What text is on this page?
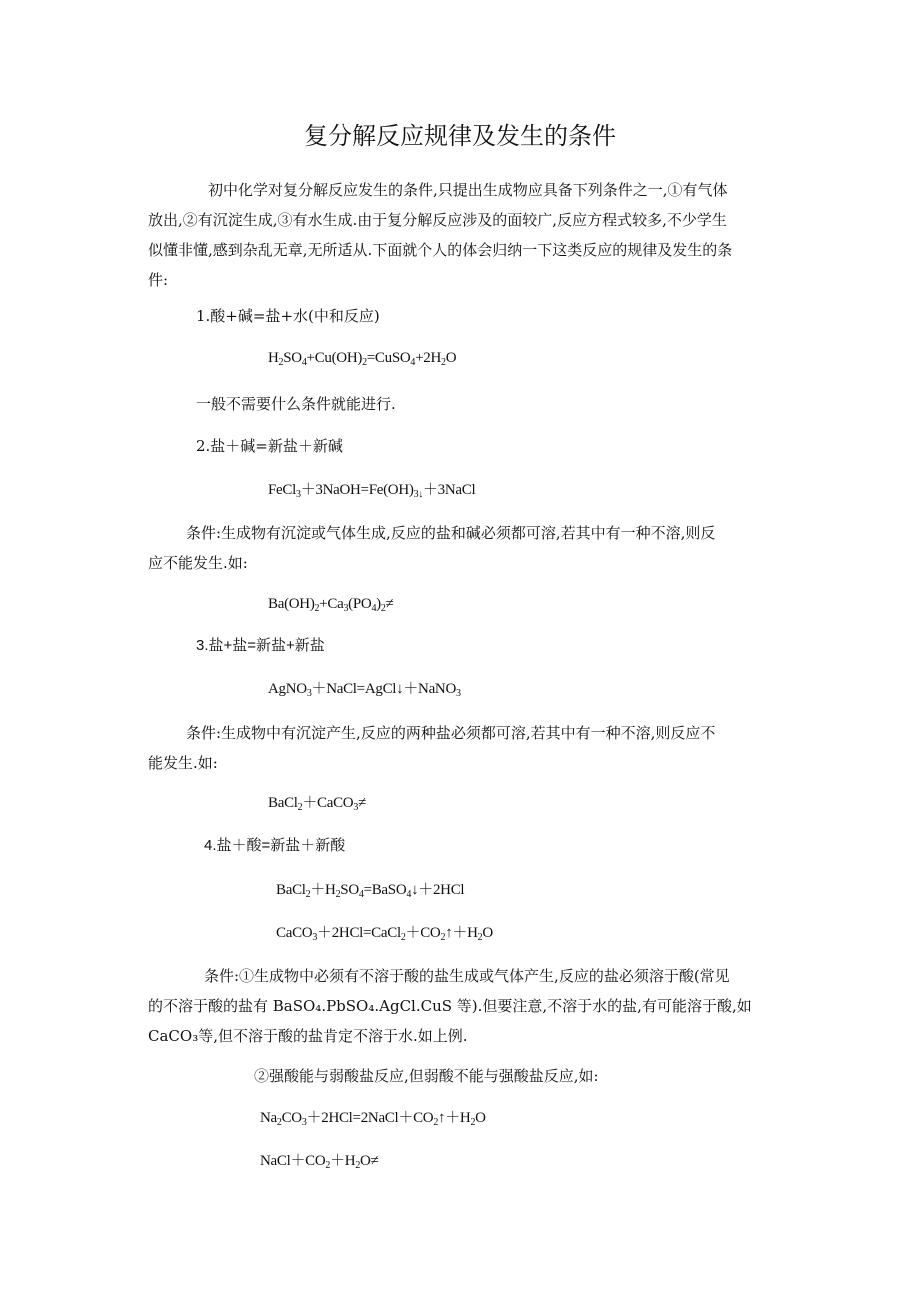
复分解反应规律及发生的条件
初中化学对复分解反应发生的条件,只提出生成物应具备下列条件之一,①有气体
放出,②有沉淀生成,③有水生成.由于复分解反应涉及的面较广,反应方程式较多,不少学生
似懂非懂,感到杂乱无章,无所适从.下面就个人的体会归纳一下这类反应的规律及发生的条
件:
1.酸+碱=盐+水(中和反应)
$H_2SO_4+Cu(OH)_2=CuSO_4+2H_2O$
一般不需要什么条件就能进行.
2.盐＋碱=新盐＋新碱
$FeCl_3+3NaOH=Fe(OH)_{3↓}+3NaCl$
条件:生成物有沉淀或气体生成,反应的盐和碱必须都可溶,若其中有一种不溶,则反
应不能发生.如:
$Ba(OH)_2+Ca_3(PO_4)_2\ne$
3.盐+盐=新盐+新盐
AgNO$_3$＋NaCl=AgCl↓＋NaNO$_3$
条件:生成物中有沉淀产生,反应的两种盐必须都可溶,若其中有一种不溶,则反应不
能发生.如:
BaCl$_2$＋CaCO$_3$≠
4.盐＋酸=新盐＋新酸
$BaCl_2+H_2SO_4=BaSO_4↓+2HCl$
$CaCO_3+2HCl=CaCl_2+CO_2↑+H_2O$
条件:①生成物中必须有不溶于酸的盐生成或气体产生,反应的盐必须溶于酸(常见
的不溶于酸的盐有 BaSO₄.PbSO₄.AgCl.CuS 等).但要注意,不溶于水的盐,有可能溶于酸,如
CaCO₃等,但不溶于酸的盐肯定不溶于水.如上例.
②强酸能与弱酸盐反应,但弱酸不能与强酸盐反应,如:
$Na_2CO_3+2HCl=2NaCl+CO_2↑+H_2O$
$NaCl+CO_2+H_2O\ne$
